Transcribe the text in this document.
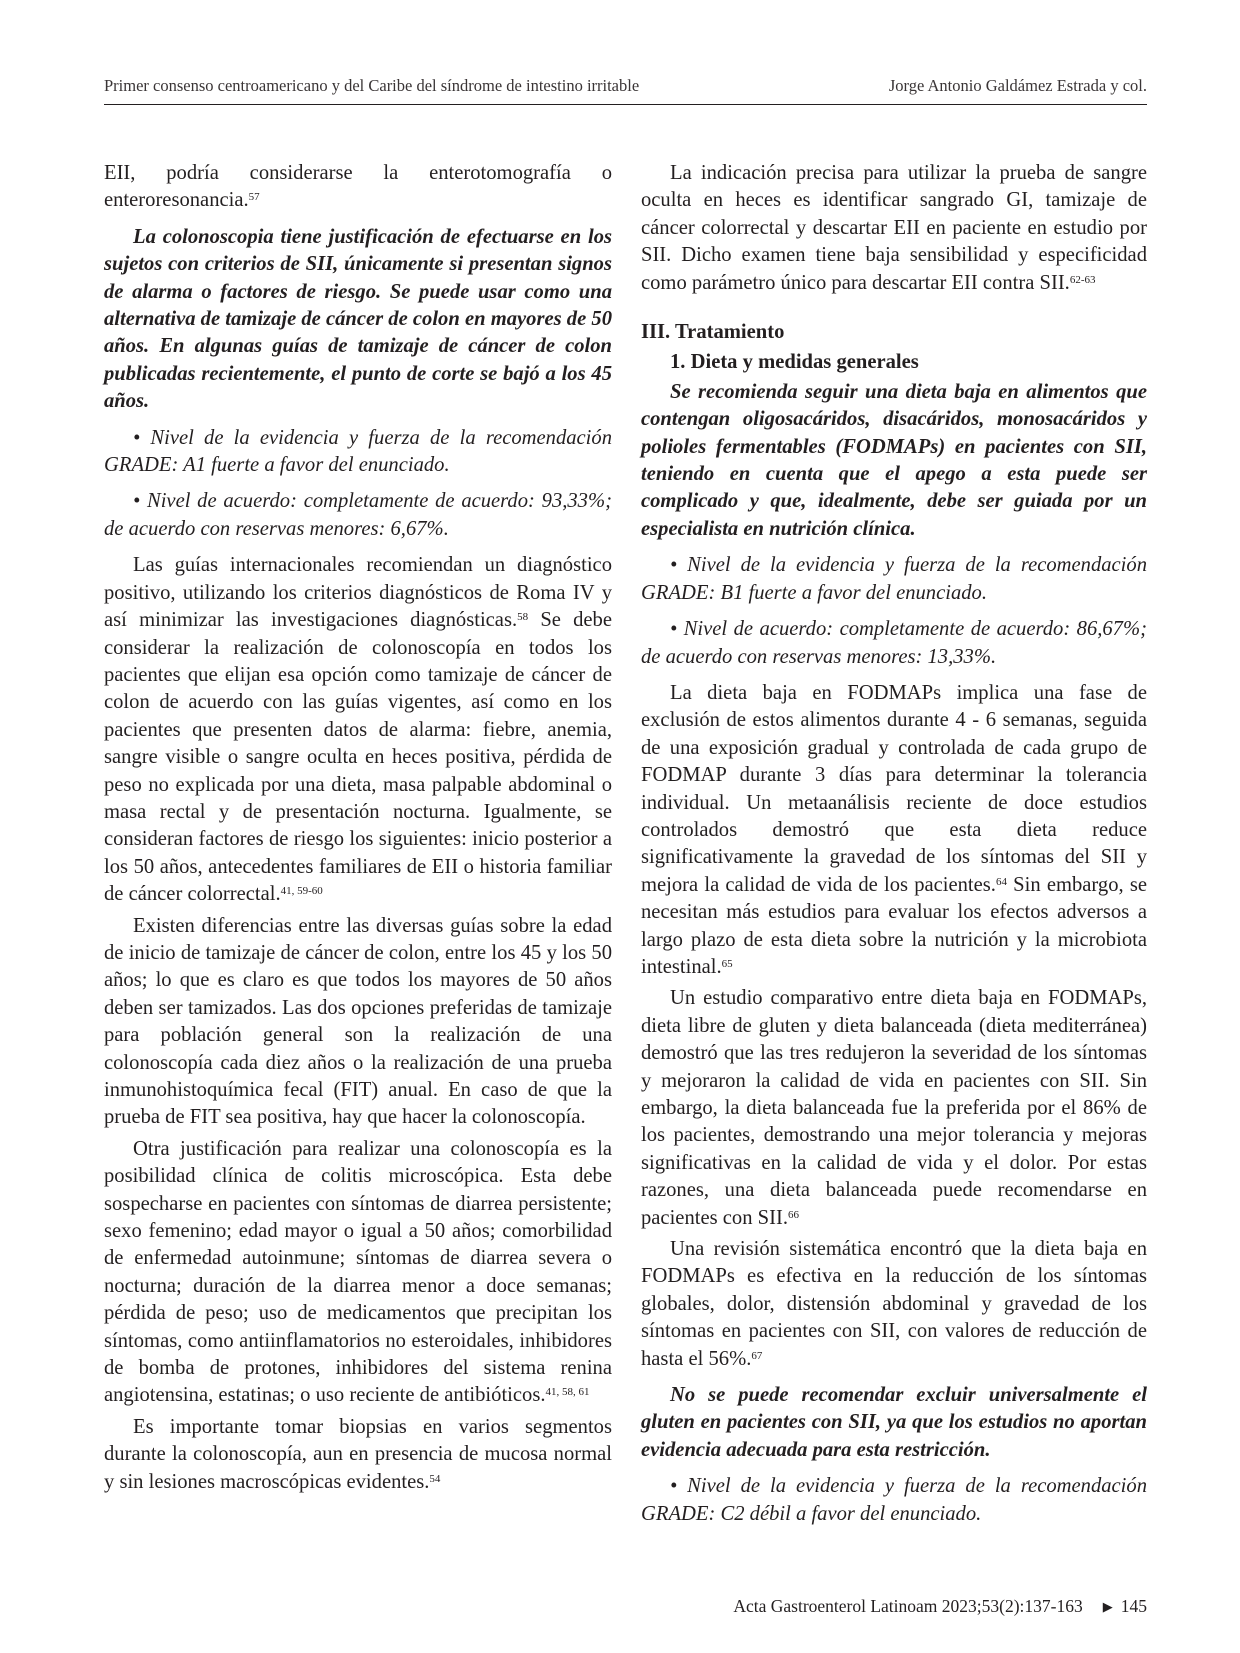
Primer consenso centroamericano y del Caribe del síndrome de intestino irritable	Jorge Antonio Galdámez Estrada y col.

EII, podría considerarse la enterotomografía o enteroresonancia.$^{57}$

La colonoscopia tiene justificación de efectuarse en los sujetos con criterios de SII, únicamente si presentan signos de alarma o factores de riesgo. Se puede usar como una alternativa de tamizaje de cáncer de colon en mayores de 50 años. En algunas guías de tamizaje de cáncer de colon publicadas recientemente, el punto de corte se bajó a los 45 años.

• Nivel de la evidencia y fuerza de la recomendación GRADE: A1 fuerte a favor del enunciado.

• Nivel de acuerdo: completamente de acuerdo: 93,33%; de acuerdo con reservas menores: 6,67%.

Las guías internacionales recomiendan un diagnóstico positivo, utilizando los criterios diagnósticos de Roma IV y así minimizar las investigaciones diagnósticas.$^{58}$ Se debe considerar la realización de colonoscopía en todos los pacientes que elijan esa opción como tamizaje de cáncer de colon de acuerdo con las guías vigentes, así como en los pacientes que presenten datos de alarma: fiebre, anemia, sangre visible o sangre oculta en heces positiva, pérdida de peso no explicada por una dieta, masa palpable abdominal o masa rectal y de presentación nocturna. Igualmente, se consideran factores de riesgo los siguientes: inicio posterior a los 50 años, antecedentes familiares de EII o historia familiar de cáncer colorrectal.$^{41, 59-60}$

Existen diferencias entre las diversas guías sobre la edad de inicio de tamizaje de cáncer de colon, entre los 45 y los 50 años; lo que es claro es que todos los mayores de 50 años deben ser tamizados. Las dos opciones preferidas de tamizaje para población general son la realización de una colonoscopía cada diez años o la realización de una prueba inmunohistoquímica fecal (FIT) anual. En caso de que la prueba de FIT sea positiva, hay que hacer la colonoscopía.

Otra justificación para realizar una colonoscopía es la posibilidad clínica de colitis microscópica. Esta debe sospecharse en pacientes con síntomas de diarrea persistente; sexo femenino; edad mayor o igual a 50 años; comorbilidad de enfermedad autoinmune; síntomas de diarrea severa o nocturna; duración de la diarrea menor a doce semanas; pérdida de peso; uso de medicamentos que precipitan los síntomas, como antiinflamatorios no esteroidales, inhibidores de bomba de protones, inhibidores del sistema renina angiotensina, estatinas; o uso reciente de antibióticos.$^{41, 58, 61}$

Es importante tomar biopsias en varios segmentos durante la colonoscopía, aun en presencia de mucosa normal y sin lesiones macroscópicas evidentes.$^{54}$

La indicación precisa para utilizar la prueba de sangre oculta en heces es identificar sangrado GI, tamizaje de cáncer colorrectal y descartar EII en paciente en estudio por SII. Dicho examen tiene baja sensibilidad y especificidad como parámetro único para descartar EII contra SII.$^{62-63}$

III. Tratamiento
1. Dieta y medidas generales

Se recomienda seguir una dieta baja en alimentos que contengan oligosacáridos, disacáridos, monosacáridos y polioles fermentables (FODMAPs) en pacientes con SII, teniendo en cuenta que el apego a esta puede ser complicado y que, idealmente, debe ser guiada por un especialista en nutrición clínica.

• Nivel de la evidencia y fuerza de la recomendación GRADE: B1 fuerte a favor del enunciado.

• Nivel de acuerdo: completamente de acuerdo: 86,67%; de acuerdo con reservas menores: 13,33%.

La dieta baja en FODMAPs implica una fase de exclusión de estos alimentos durante 4 - 6 semanas, seguida de una exposición gradual y controlada de cada grupo de FODMAP durante 3 días para determinar la tolerancia individual. Un metaanálisis reciente de doce estudios controlados demostró que esta dieta reduce significativamente la gravedad de los síntomas del SII y mejora la calidad de vida de los pacientes.$^{64}$ Sin embargo, se necesitan más estudios para evaluar los efectos adversos a largo plazo de esta dieta sobre la nutrición y la microbiota intestinal.$^{65}$

Un estudio comparativo entre dieta baja en FODMAPs, dieta libre de gluten y dieta balanceada (dieta mediterránea) demostró que las tres redujeron la severidad de los síntomas y mejoraron la calidad de vida en pacientes con SII. Sin embargo, la dieta balanceada fue la preferida por el 86% de los pacientes, demostrando una mejor tolerancia y mejoras significativas en la calidad de vida y el dolor. Por estas razones, una dieta balanceada puede recomendarse en pacientes con SII.$^{66}$

Una revisión sistemática encontró que la dieta baja en FODMAPs es efectiva en la reducción de los síntomas globales, dolor, distensión abdominal y gravedad de los síntomas en pacientes con SII, con valores de reducción de hasta el 56%.$^{67}$

No se puede recomendar excluir universalmente el gluten en pacientes con SII, ya que los estudios no aportan evidencia adecuada para esta restricción.

• Nivel de la evidencia y fuerza de la recomendación GRADE: C2 débil a favor del enunciado.

Acta Gastroenterol Latinoam 2023;53(2):137-163 ▶ 145
